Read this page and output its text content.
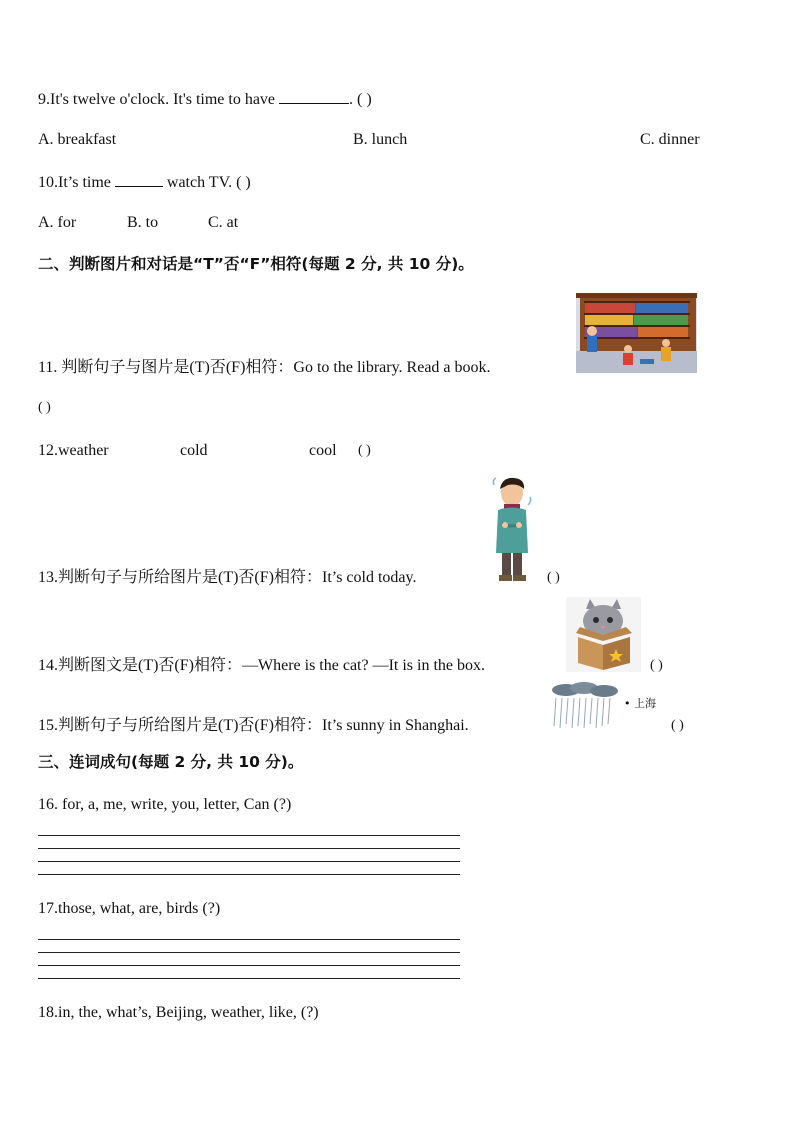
9.It's twelve o'clock. It's time to have	. ( )
A. breakfast	B. lunch	C. dinner
10.It’s time	watch TV. ( )
A. for	B. to	C. at
二、判断图片和对话是“T”否“F”相符(每题 2 分, 共 10 分)。
11. 判断句子与图片是(T)否(F)相符：Go to the library. Read a book.
( )
12.weather	cold	cool ( )
13.判断句子与所给图片是(T)否(F)相符：It’s cold today.	( )
14.判断图文是(T)否(F)相符：—Where is the cat? —It is in the box.	( )
• 上海
15.判断句子与所给图片是(T)否(F)相符：It’s sunny in Shanghai.	( )
三、连词成句(每题 2 分, 共 10 分)。
16. for, a, me, write, you, letter, Can (?)
17.those, what, are, birds (?)
18.in, the, what’s, Beijing, weather, like, (?)
